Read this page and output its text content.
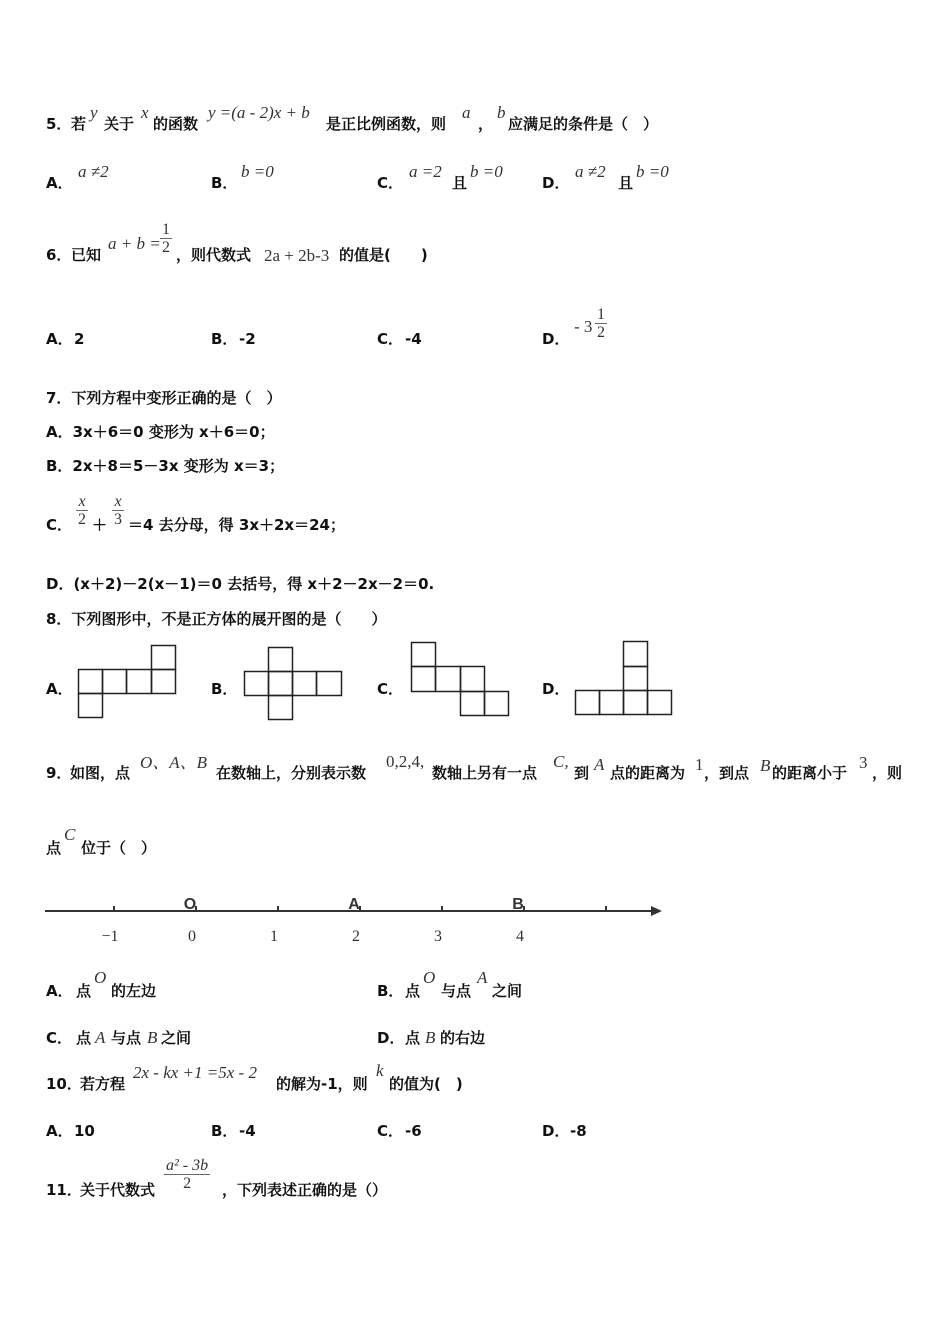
5． 若
y
关于
x
的函数
y =(a - 2)x + b
是正比例函数，则
a
，
b
应满足的条件是（　）
A．
a ≠2
B．
b =0
C．
a =2
且
b =0
D．
a ≠2
且
b =0
6． 已知
$a + b = \frac{1}{2}$ ，则代数式 2a + 2b-3 的值是(　　)
A． 2	B． -2	C． -4	D．
- $3 \frac{1}{2}$
7．下列方程中变形正确的是（　）
A．3x＋6＝0 变形为 x＋6＝0；
B．2x＋8＝5－3x 变形为 x＝3；
C． $\frac{x}{2} + \frac{x}{3} =4$ 去分母，得 3x＋2x＝24；
D．(x＋2)－2(x－1)＝0 去括号，得 x＋2－2x－2＝0.
8．下列图形中，不是正方体的展开图的是（　　）
A．	B．	C．	D．
9．
如图，点
O、A、B
在数轴上，分别表示数
0,2,4,
数轴上另有一点
C,
到 A 点的距离为 1 ，到点 B 的距离小于
3
，则
点
C
位于（　）
−1	0	1	2	3	4
O	A	B
A． 点
O
的左边	B． 点
O
与点
A
之间
C． 点 A 与点 B 之间	D． 点 B 的右边
10．
若方程
2x - kx +1 =5x - 2
的解为-1，则
k
的值为(　)
A． 10	B． -4	C． -6	D． -8
11．
关于代数式 $\frac{\text{a² - 3b}}{2}$ ，下列表述正确的是（）
